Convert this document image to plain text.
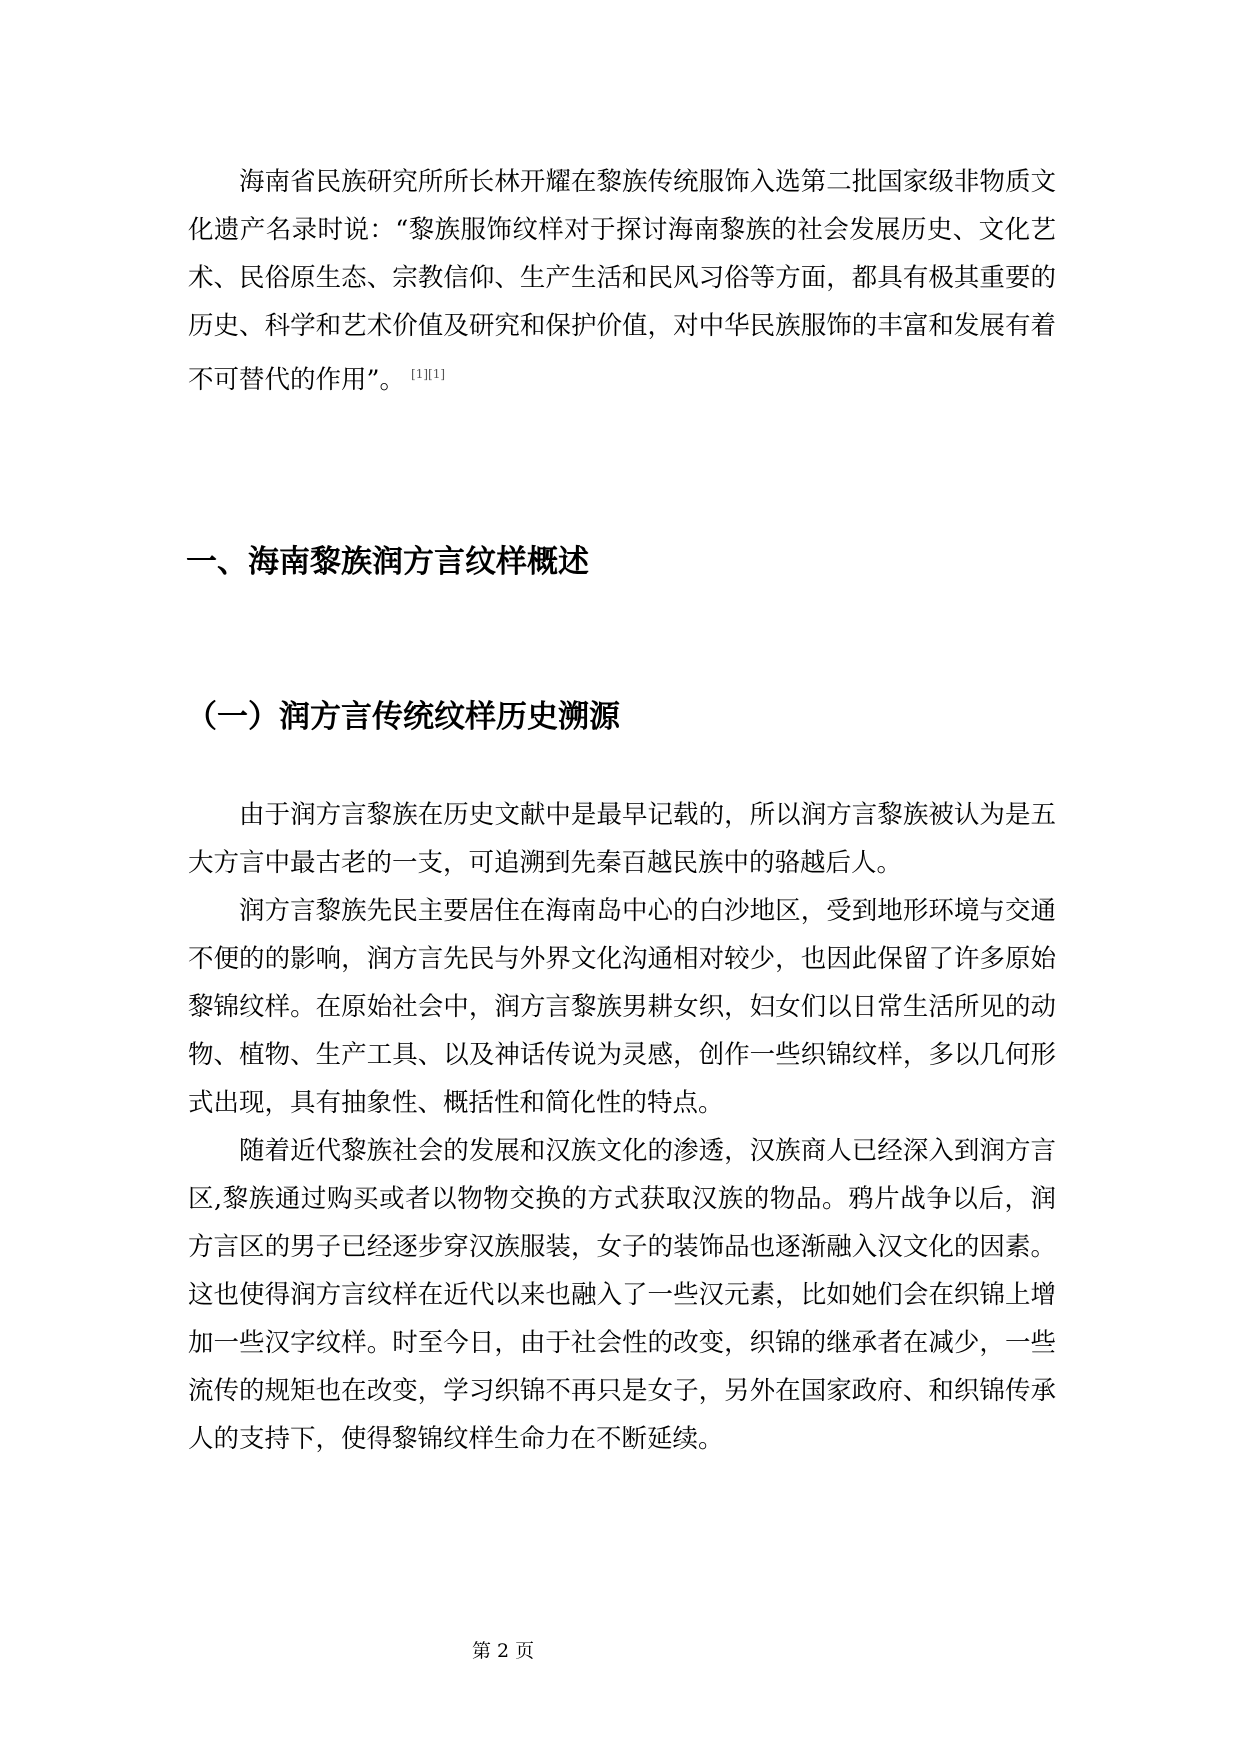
海南省民族研究所所长林开耀在黎族传统服饰入选第二批国家级非物质文化遗产名录时说：“黎族服饰纹样对于探讨海南黎族的社会发展历史、文化艺术、民俗原生态、宗教信仰、生产生活和民风习俗等方面，都具有极其重要的历史、科学和艺术价值及研究和保护价值，对中华民族服饰的丰富和发展有着不可替代的作用”。 [1][1]

一、海南黎族润方言纹样概述
（一）润方言传统纹样历史溯源

由于润方言黎族在历史文献中是最早记载的，所以润方言黎族被认为是五大方言中最古老的一支，可追溯到先秦百越民族中的骆越后人。

润方言黎族先民主要居住在海南岛中心的白沙地区，受到地形环境与交通不便的的影响，润方言先民与外界文化沟通相对较少，也因此保留了许多原始黎锦纹样。在原始社会中，润方言黎族男耕女织，妇女们以日常生活所见的动物、植物、生产工具、以及神话传说为灵感，创作一些织锦纹样，多以几何形式出现，具有抽象性、概括性和简化性的特点。

随着近代黎族社会的发展和汉族文化的渗透，汉族商人已经深入到润方言区,黎族通过购买或者以物物交换的方式获取汉族的物品。鸦片战争以后，润方言区的男子已经逐步穿汉族服装，女子的装饰品也逐渐融入汉文化的因素。这也使得润方言纹样在近代以来也融入了一些汉元素，比如她们会在织锦上增加一些汉字纹样。时至今日，由于社会性的改变，织锦的继承者在减少，一些流传的规矩也在改变，学习织锦不再只是女子，另外在国家政府、和织锦传承人的支持下，使得黎锦纹样生命力在不断延续。

第 2 页
